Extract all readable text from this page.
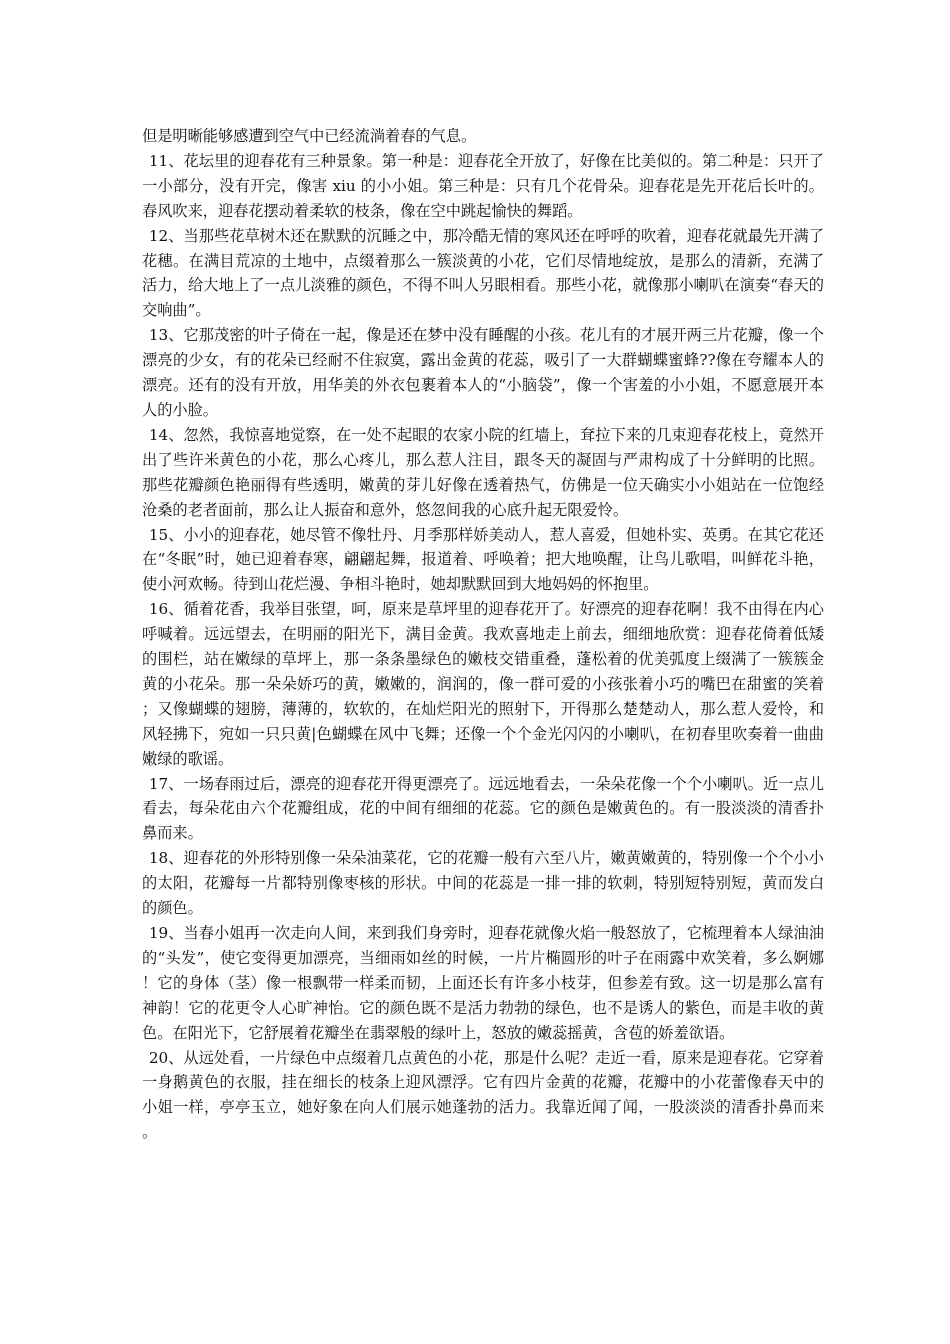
但是明晰能够感遭到空气中已经流淌着春的气息。

11、花坛里的迎春花有三种景象。第一种是：迎春花全开放了，好像在比美似的。第二种是：只开了一小部分，没有开完，像害 xiu 的小小姐。第三种是：只有几个花骨朵。迎春花是先开花后长叶的。春风吹来，迎春花摆动着柔软的枝条，像在空中跳起愉快的舞蹈。

12、当那些花草树木还在默默的沉睡之中，那冷酷无情的寒风还在呼呼的吹着，迎春花就最先开满了花穗。在满目荒凉的土地中，点缀着那么一簇淡黄的小花，它们尽情地绽放，是那么的清新，充满了活力，给大地上了一点儿淡雅的颜色，不得不叫人另眼相看。那些小花，就像那小喇叭在演奏“春天的交响曲”。

13、它那茂密的叶子倚在一起，像是还在梦中没有睡醒的小孩。花儿有的才展开两三片花瓣，像一个漂亮的少女，有的花朵已经耐不住寂寞，露出金黄的花蕊，吸引了一大群蝴蝶蜜蜂??像在夸耀本人的漂亮。还有的没有开放，用华美的外衣包裹着本人的“小脑袋”，像一个害羞的小小姐，不愿意展开本人的小脸。

14、忽然，我惊喜地觉察，在一处不起眼的农家小院的红墙上，耷拉下来的几束迎春花枝上，竟然开出了些许米黄色的小花，那么心疼儿，那么惹人注目，跟冬天的凝固与严肃构成了十分鲜明的比照。那些花瓣颜色艳丽得有些透明，嫩黄的芽儿好像在透着热气，仿佛是一位天确实小小姐站在一位饱经沧桑的老者面前，那么让人振奋和意外，悠忽间我的心底升起无限爱怜。

15、小小的迎春花，她尽管不像牡丹、月季那样娇美动人，惹人喜爱，但她朴实、英勇。在其它花还在“冬眠”时，她已迎着春寒，翩翩起舞，报道着、呼唤着；把大地唤醒，让鸟儿歌唱，叫鲜花斗艳，使小河欢畅。待到山花烂漫、争相斗艳时，她却默默回到大地妈妈的怀抱里。

16、循着花香，我举目张望，呵，原来是草坪里的迎春花开了。好漂亮的迎春花啊！我不由得在内心呼喊着。远远望去，在明丽的阳光下，满目金黄。我欢喜地走上前去，细细地欣赏：迎春花倚着低矮的围栏，站在嫩绿的草坪上，那一条条墨绿色的嫩枝交错重叠，蓬松着的优美弧度上缀满了一簇簇金黄的小花朵。那一朵朵娇巧的黄，嫩嫩的，润润的，像一群可爱的小孩张着小巧的嘴巴在甜蜜的笑着；又像蝴蝶的翅膀，薄薄的，软软的，在灿烂阳光的照射下，开得那么楚楚动人，那么惹人爱怜，和风轻拂下，宛如一只只黄|色蝴蝶在风中飞舞；还像一个个金光闪闪的小喇叭，在初春里吹奏着一曲曲嫩绿的歌谣。

17、一场春雨过后，漂亮的迎春花开得更漂亮了。远远地看去，一朵朵花像一个个小喇叭。近一点儿看去，每朵花由六个花瓣组成，花的中间有细细的花蕊。它的颜色是嫩黄色的。有一股淡淡的清香扑鼻而来。

18、迎春花的外形特别像一朵朵油菜花，它的花瓣一般有六至八片，嫩黄嫩黄的，特别像一个个小小的太阳，花瓣每一片都特别像枣核的形状。中间的花蕊是一排一排的软刺，特别短特别短，黄而发白的颜色。

19、当春小姐再一次走向人间，来到我们身旁时，迎春花就像火焰一般怒放了，它梳理着本人绿油油的“头发”，使它变得更加漂亮，当细雨如丝的时候，一片片椭圆形的叶子在雨露中欢笑着，多么婀娜！它的身体（茎）像一根飘带一样柔而韧，上面还长有许多小枝芽，但参差有致。这一切是那么富有神韵！它的花更令人心旷神怡。它的颜色既不是活力勃勃的绿色，也不是诱人的紫色，而是丰收的黄色。在阳光下，它舒展着花瓣坐在翡翠般的绿叶上，怒放的嫩蕊摇黄，含苞的娇羞欲语。

20、从远处看，一片绿色中点缀着几点黄色的小花，那是什么呢？走近一看，原来是迎春花。它穿着一身鹅黄色的衣服，挂在细长的枝条上迎风漂浮。它有四片金黄的花瓣，花瓣中的小花蕾像春天中的小姐一样，亭亭玉立，她好象在向人们展示她蓬勃的活力。我靠近闻了闻，一股淡淡的清香扑鼻而来。
